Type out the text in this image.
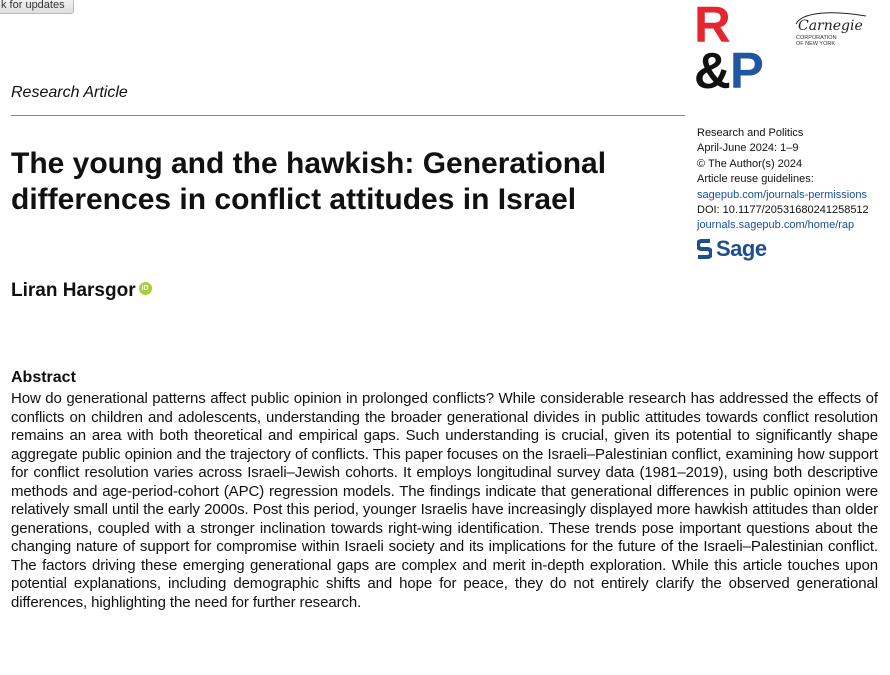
k for updates	R
&P
Carnegie
CORPORATION
OF NEW YORK
Research Article
Research and Politics
April-June 2024: 1–9
© The Author(s) 2024
Article reuse guidelines:
sagepub.com/journals-permissions
DOI: 10.1177/20531680241258512
journals.sagepub.com/home/rap
Sage
The young and the hawkish: Generational differences in conflict attitudes in Israel
Liran Harsgor iD
Abstract

How do generational patterns affect public opinion in prolonged conflicts? While considerable research has addressed the effects of conflicts on children and adolescents, understanding the broader generational divides in public attitudes towards conflict resolution remains an area with both theoretical and empirical gaps. Such understanding is crucial, given its potential to significantly shape aggregate public opinion and the trajectory of conflicts. This paper focuses on the Israeli–Palestinian conflict, examining how support for conflict resolution varies across Israeli–Jewish cohorts. It employs longitudinal survey data (1981–2019), using both descriptive methods and age-period-cohort (APC) regression models. The findings indicate that generational differences in public opinion were relatively small until the early 2000s. Post this period, younger Israelis have increasingly displayed more hawkish attitudes than older generations, coupled with a stronger inclination towards right-wing identification. These trends pose important questions about the changing nature of support for compromise within Israeli society and its implications for the future of the Israeli–Palestinian conflict. The factors driving these emerging generational gaps are complex and merit in-depth exploration. While this article touches upon potential explanations, including demographic shifts and hope for peace, they do not entirely clarify the observed generational differences, highlighting the need for further research.
